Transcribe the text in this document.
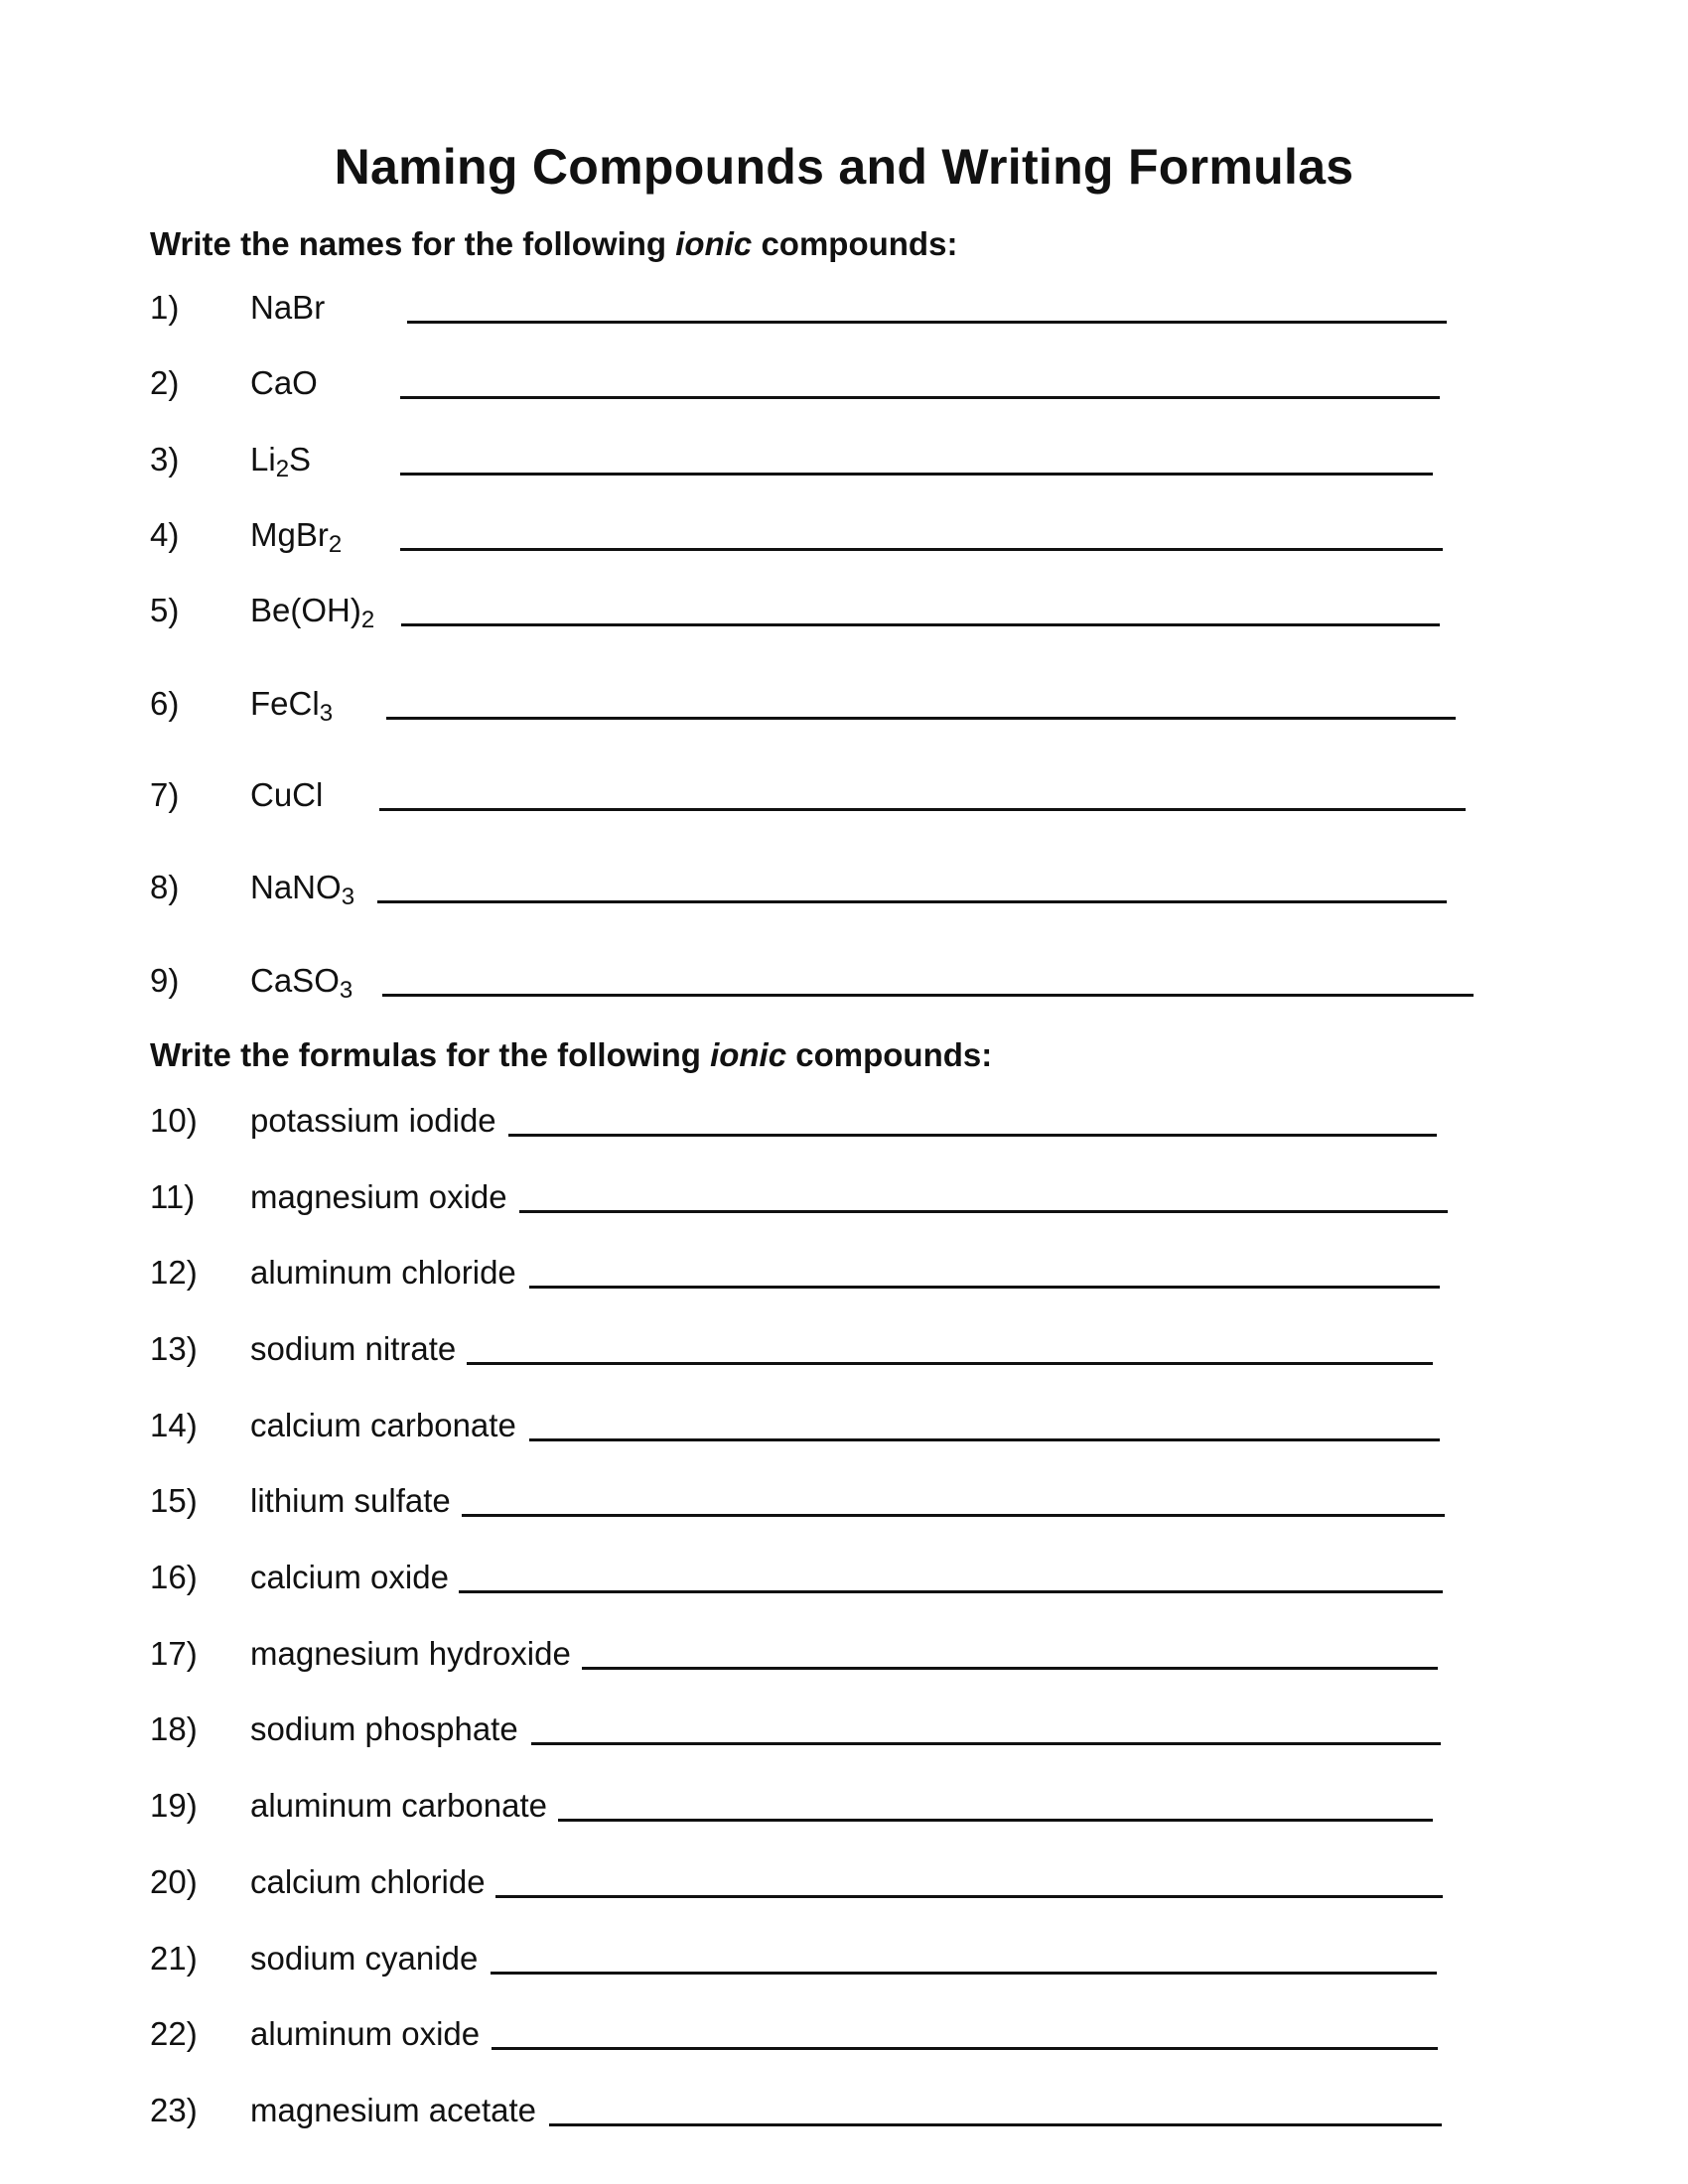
Naming Compounds and Writing Formulas

Write the names for the following ionic compounds:

1) NaBr
2) CaO
3) Li2S
4) MgBr2
5) Be(OH)2
6) FeCl3
7) CuCl
8) NaNO3
9) CaSO3

Write the formulas for the following ionic compounds:

10) potassium iodide
11) magnesium oxide
12) aluminum chloride
13) sodium nitrate
14) calcium carbonate
15) lithium sulfate
16) calcium oxide
17) magnesium hydroxide
18) sodium phosphate
19) aluminum carbonate
20) calcium chloride
21) sodium cyanide
22) aluminum oxide
23) magnesium acetate
